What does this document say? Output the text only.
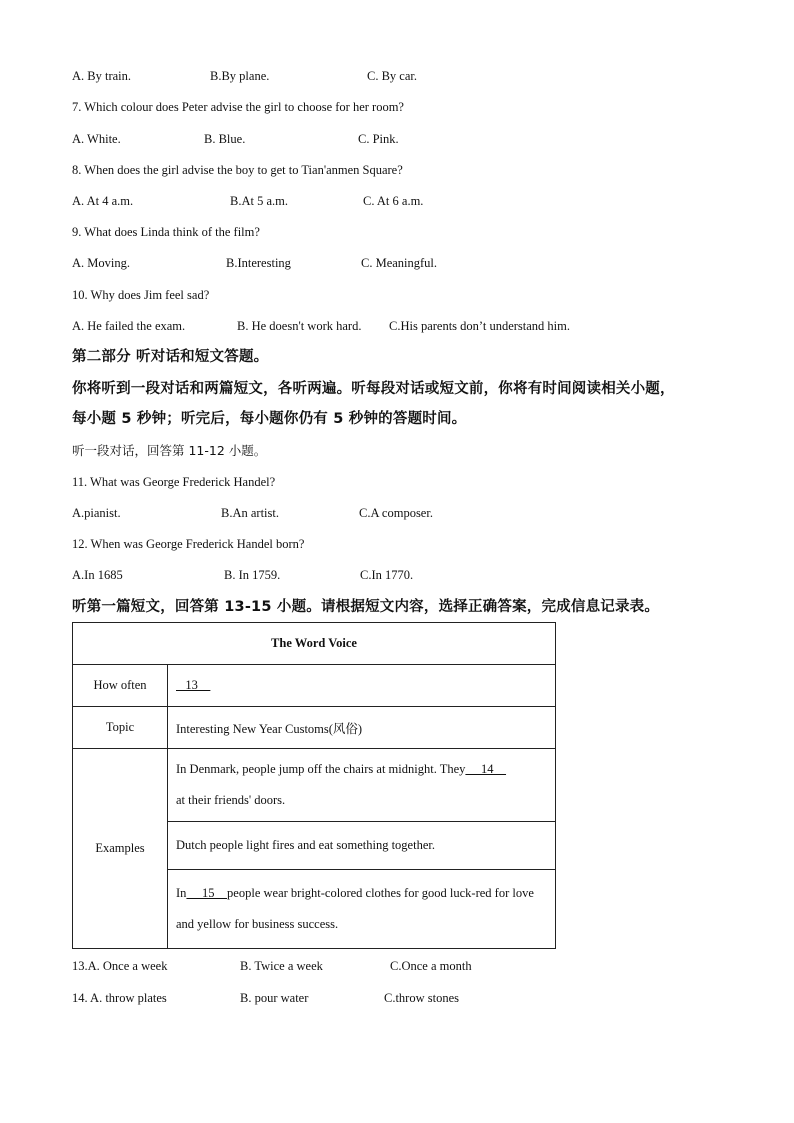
A. By train.	B.By plane.	C. By car.
7. Which colour does Peter advise the girl to choose for her room?
A. White.	B. Blue.	C. Pink.
8. When does the girl advise the boy to get to Tian'anmen Square?
A. At 4 a.m.	B.At 5 a.m.	C. At 6 a.m.
9. What does Linda think of the film?
A. Moving.	B.Interesting	C. Meaningful.
10. Why does Jim feel sad?
A. He failed the exam.	B. He doesn't work hard. C.His parents don’t understand him.
第二部分 听对话和短文答题。
你将听到一段对话和两篇短文，各听两遍。听每段对话或短文前，你将有时间阅读相关小题，
每小题 5 秒钟；听完后，每小题你仍有 5 秒钟的答题时间。
听一段对话，回答第 11-12 小题。
11. What was George Frederick Handel?
A.pianist.	B.An artist.	C.A composer.
12. When was George Frederick Handel born?
A.In 1685	B. In 1759.	C.In 1770.
听第一篇短文，回答第 13-15 小题。请根据短文内容，选择正确答案，完成信息记录表。
The Word Voice	
How often	13
Topic	Interesting New Year Customs(风俗)
Examples	In Denmark, people jump off the chairs at midnight. They     14
at their friends' doors.
	Dutch people light fires and eat something together.
	In     15    people wear bright-colored clothes for good luck-red for love and yellow for business success.
13.A. Once a week	B. Twice a week	C.Once a month
14. A. throw plates	B. pour water	C.throw stones
